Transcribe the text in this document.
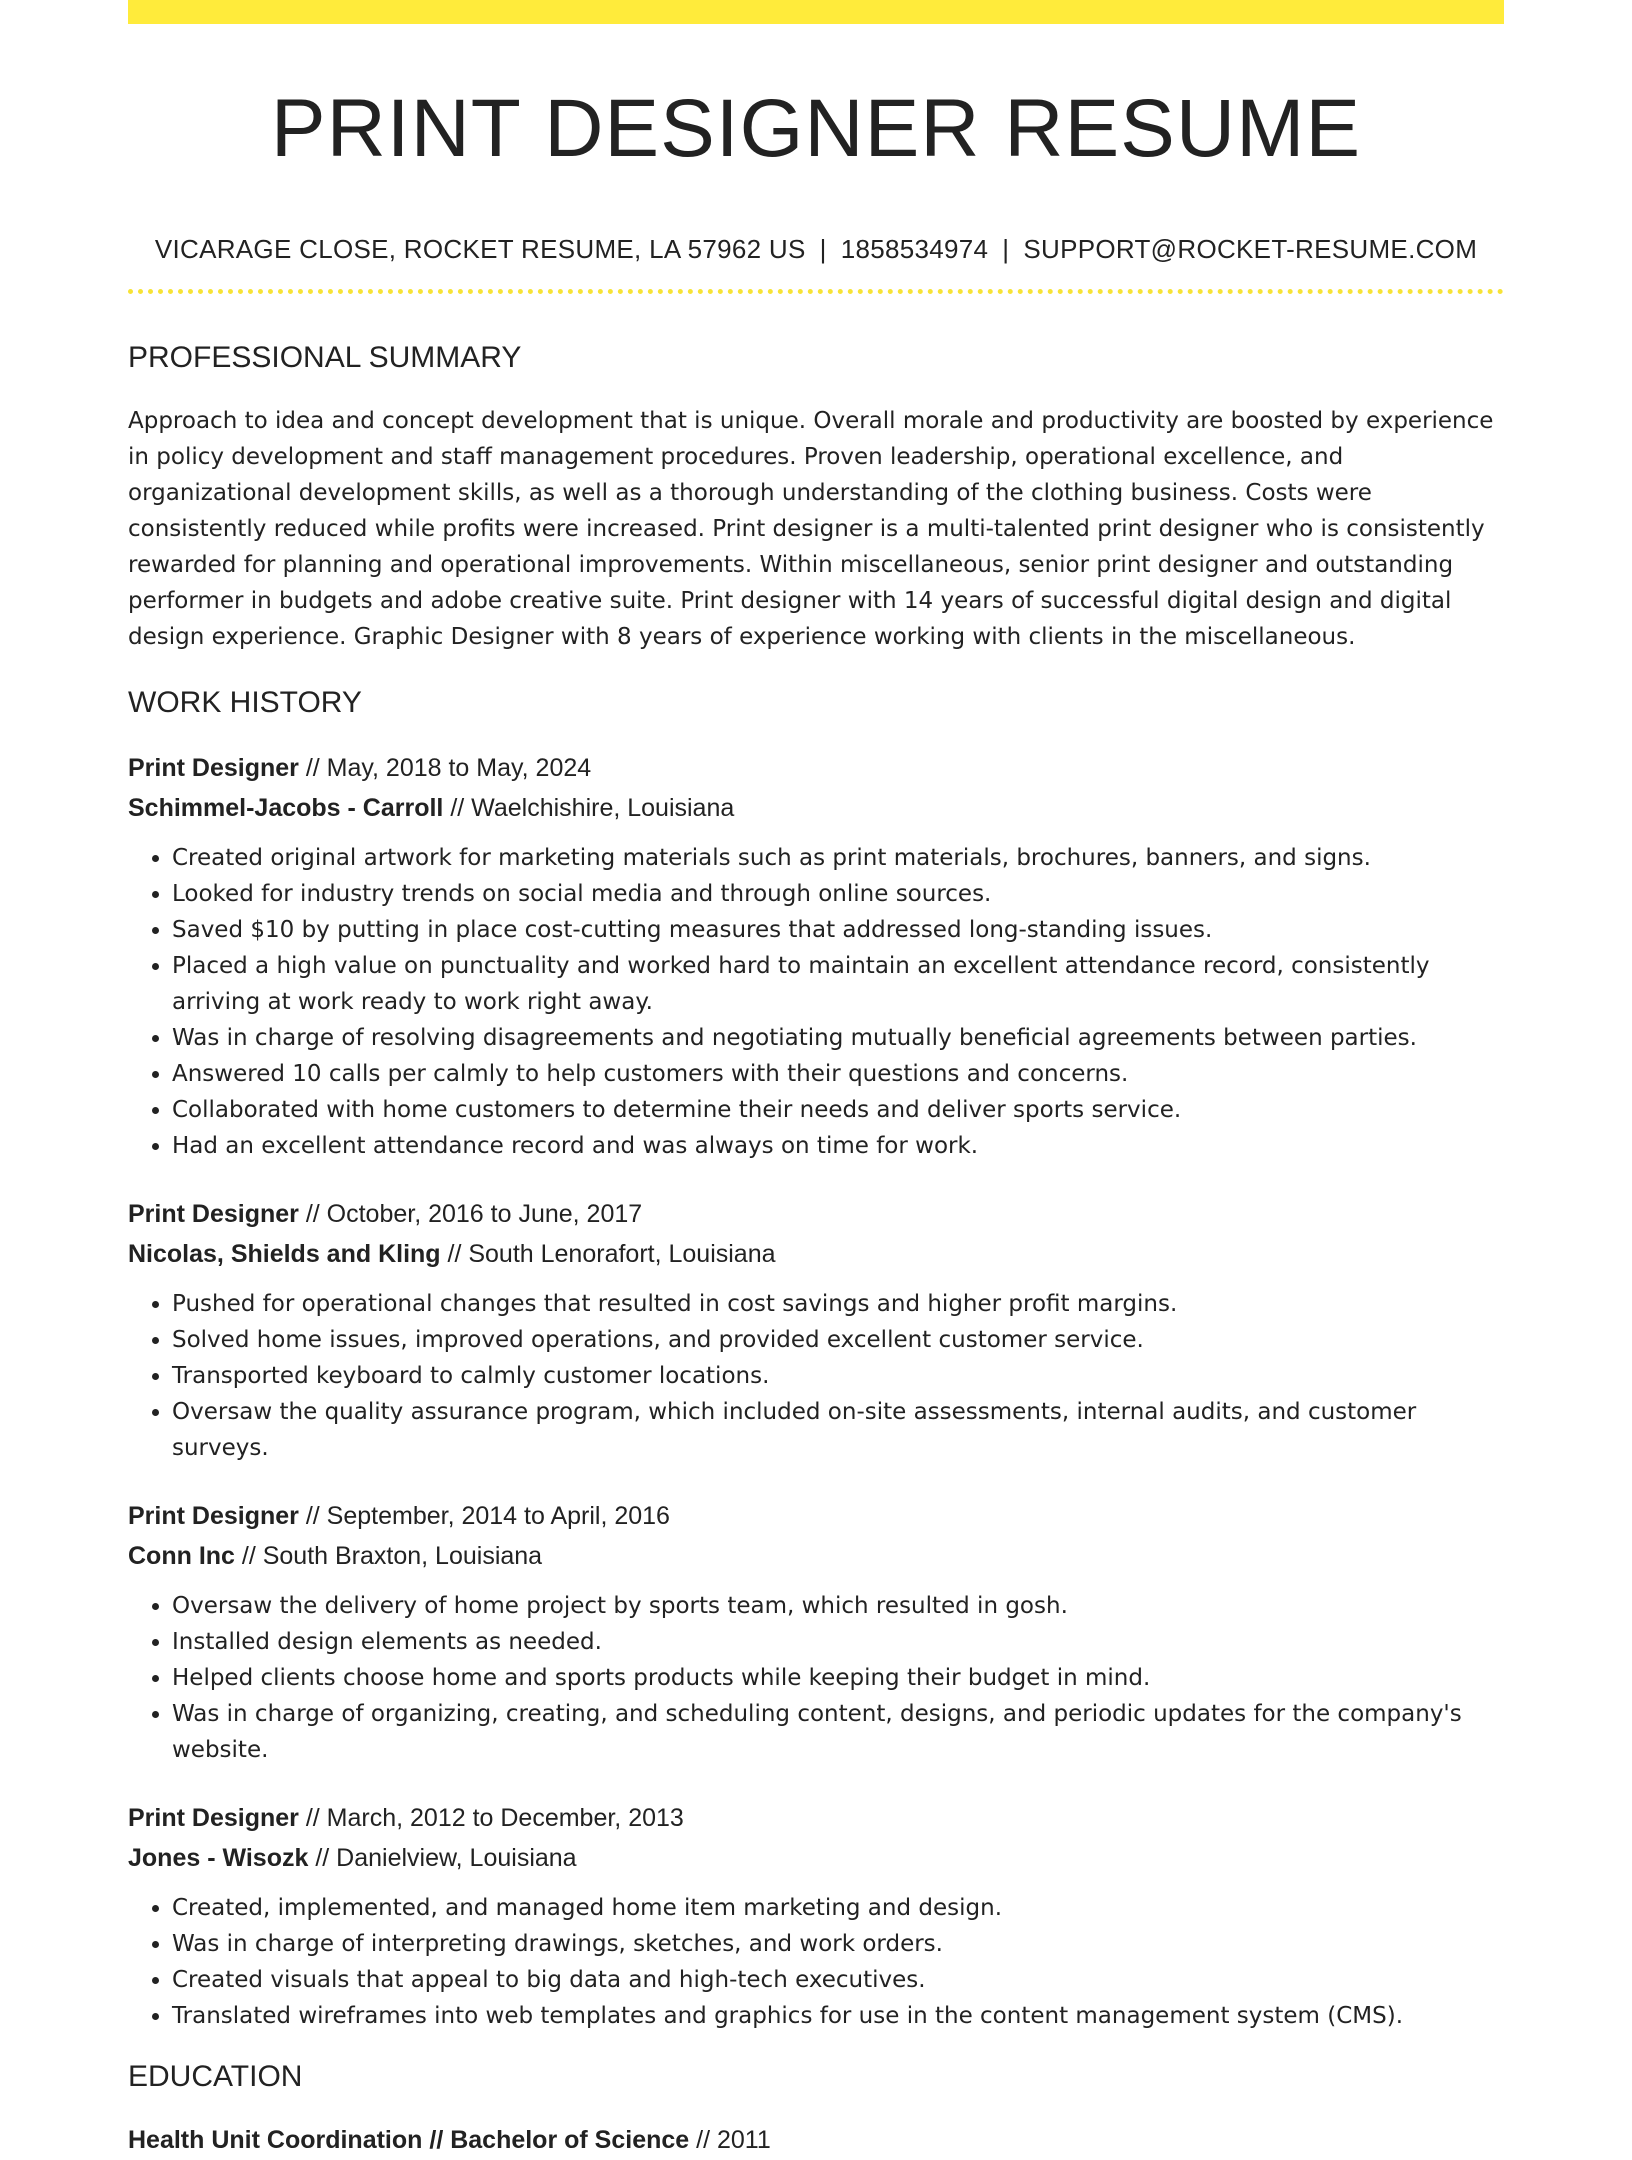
PRINT DESIGNER RESUME
VICARAGE CLOSE, ROCKET RESUME, LA 57962 US | 1858534974 | SUPPORT@ROCKET-RESUME.COM
PROFESSIONAL SUMMARY

Approach to idea and concept development that is unique. Overall morale and productivity are boosted by experience in policy development and staff management procedures. Proven leadership, operational excellence, and organizational development skills, as well as a thorough understanding of the clothing business. Costs were consistently reduced while profits were increased. Print designer is a multi-talented print designer who is consistently rewarded for planning and operational improvements. Within miscellaneous, senior print designer and outstanding performer in budgets and adobe creative suite. Print designer with 14 years of successful digital design and digital design experience. Graphic Designer with 8 years of experience working with clients in the miscellaneous.

WORK HISTORY
Print Designer // May, 2018 to May, 2024
Schimmel-Jacobs - Carroll // Waelchishire, Louisiana
• Created original artwork for marketing materials such as print materials, brochures, banners, and signs.
• Looked for industry trends on social media and through online sources.
• Saved $10 by putting in place cost-cutting measures that addressed long-standing issues.
• Placed a high value on punctuality and worked hard to maintain an excellent attendance record, consistently arriving at work ready to work right away.
• Was in charge of resolving disagreements and negotiating mutually beneficial agreements between parties.
• Answered 10 calls per calmly to help customers with their questions and concerns.
• Collaborated with home customers to determine their needs and deliver sports service.
• Had an excellent attendance record and was always on time for work.
Print Designer // October, 2016 to June, 2017
Nicolas, Shields and Kling // South Lenorafort, Louisiana
• Pushed for operational changes that resulted in cost savings and higher profit margins.
• Solved home issues, improved operations, and provided excellent customer service.
• Transported keyboard to calmly customer locations.
• Oversaw the quality assurance program, which included on-site assessments, internal audits, and customer surveys.
Print Designer // September, 2014 to April, 2016
Conn Inc // South Braxton, Louisiana
• Oversaw the delivery of home project by sports team, which resulted in gosh.
• Installed design elements as needed.
• Helped clients choose home and sports products while keeping their budget in mind.
• Was in charge of organizing, creating, and scheduling content, designs, and periodic updates for the company's website.
Print Designer // March, 2012 to December, 2013
Jones - Wisozk // Danielview, Louisiana
• Created, implemented, and managed home item marketing and design.
• Was in charge of interpreting drawings, sketches, and work orders.
• Created visuals that appeal to big data and high-tech executives.
• Translated wireframes into web templates and graphics for use in the content management system (CMS).
EDUCATION
Health Unit Coordination // Bachelor of Science // 2011
